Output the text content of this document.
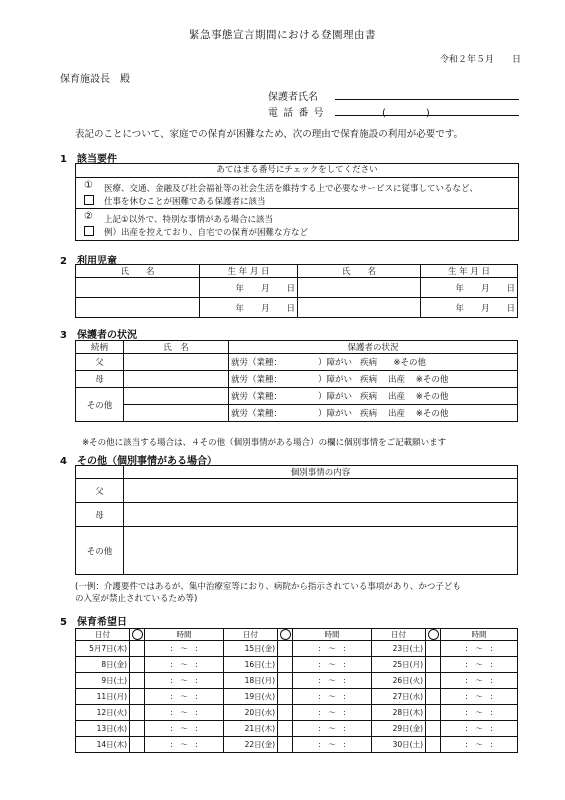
緊急事態宣言期間における登園理由書
令和２年５月　　日
保育施設長　殿
保護者氏名
電 話 番 号	(　　　　)
表記のことについて、家庭での保育が困難なため、次の理由で保育施設の利用が必要です。
1　該当要件
あてはまる番号にチェックをしてください
① 医療、交通、金融及び社会福祉等の社会生活を維持する上で必要なサービスに従事しているなど、
仕事を休むことが困難である保護者に該当
② 上記①以外で、特別な事情がある場合に該当
例）出産を控えており、自宅での保育が困難な方など
2　利用児童
氏　　名	生 年 月 日	氏　　名	生 年 月 日
	年　　月　　日		年　　月　　日
	年　　月　　日		年　　月　　日
3　保護者の状況
続柄	氏　名	保護者の状況
父		就労（業種： ）障がい 疾病 ※その他
母		就労（業種： ）障がい 疾病 出産 ※その他
その他		就労（業種： ）障がい 疾病 出産 ※その他
		就労（業種： ）障がい 疾病 出産 ※その他
※その他に該当する場合は、４その他（個別事情がある場合）の欄に個別事情をご記載願います
4　その他（個別事情がある場合）
	個別事情の内容
父	
母	
その他	
(一例：介護要件ではあるが、集中治療室等におり、病院から指示されている事項があり、かつ子ども
の入室が禁止されているため等)
5　保育希望日
日付		時間	日付		時間	日付		時間
5月7日(木)		:　～　:	15日(金)		:　～　:	23日(土)		:　～　:
8日(金)		:　～　:	16日(土)		:　～　:	25日(月)		:　～　:
9日(土)		:　～　:	18日(月)		:　～　:	26日(火)		:　～　:
11日(月)		:　～　:	19日(火)		:　～　:	27日(水)		:　～　:
12日(火)		:　～　:	20日(水)		:　～　:	28日(木)		:　～　:
13日(水)		:　～　:	21日(木)		:　～　:	29日(金)		:　～　:
14日(木)		:　～　:	22日(金)		:　～　:	30日(土)		:　～　:
